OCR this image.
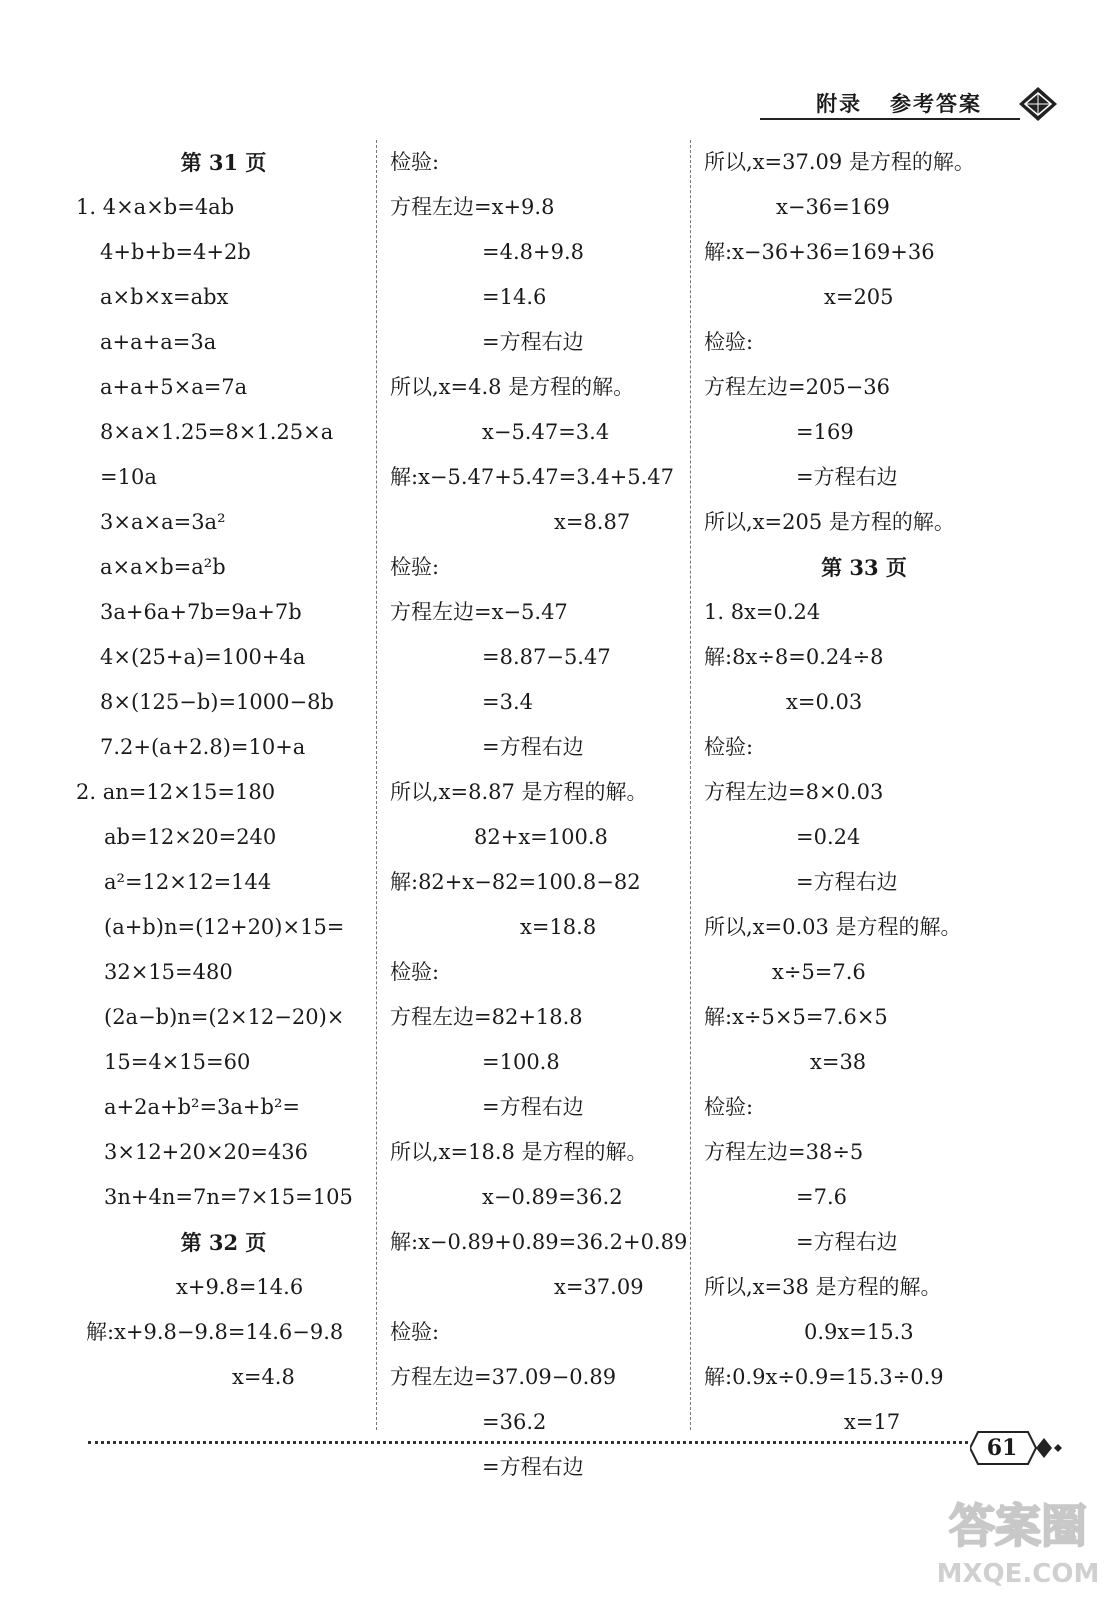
附录 参考答案
第 31 页
1. 4×a×b=4ab
4+b+b=4+2b
a×b×x=abx
a+a+a=3a
a+a+5×a=7a
8×a×1.25=8×1.25×a
=10a
3×a×a=3a²
a×a×b=a²b
3a+6a+7b=9a+7b
4×(25+a)=100+4a
8×(125−b)=1000−8b
7.2+(a+2.8)=10+a
2. an=12×15=180
ab=12×20=240
a²=12×12=144
(a+b)n=(12+20)×15=
32×15=480
(2a−b)n=(2×12−20)×
15=4×15=60
a+2a+b²=3a+b²=
3×12+20×20=436
3n+4n=7n=7×15=105
第 32 页
x+9.8=14.6
解:x+9.8−9.8=14.6−9.8
x=4.8
检验:
方程左边=x+9.8
=4.8+9.8
=14.6
=方程右边
所以,x=4.8 是方程的解。
x−5.47=3.4
解:x−5.47+5.47=3.4+5.47
x=8.87
检验:
方程左边=x−5.47
=8.87−5.47
=3.4
=方程右边
所以,x=8.87 是方程的解。
82+x=100.8
解:82+x−82=100.8−82
x=18.8
检验:
方程左边=82+18.8
=100.8
=方程右边
所以,x=18.8 是方程的解。
x−0.89=36.2
解:x−0.89+0.89=36.2+0.89
x=37.09
检验:
方程左边=37.09−0.89
=36.2
=方程右边
所以,x=37.09 是方程的解。
x−36=169
解:x−36+36=169+36
x=205
检验:
方程左边=205−36
=169
=方程右边
所以,x=205 是方程的解。
第 33 页
1. 8x=0.24
解:8x÷8=0.24÷8
x=0.03
检验:
方程左边=8×0.03
=0.24
=方程右边
所以,x=0.03 是方程的解。
x÷5=7.6
解:x÷5×5=7.6×5
x=38
检验:
方程左边=38÷5
=7.6
=方程右边
所以,x=38 是方程的解。
0.9x=15.3
解:0.9x÷0.9=15.3÷0.9
x=17
61
答案圈
MXQE.COM
